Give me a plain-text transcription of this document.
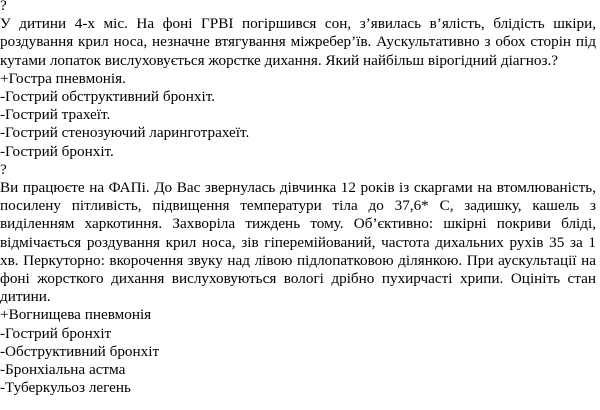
?

У дитини 4-х міс. На фоні ГРВІ погіршився сон, з’явилась в’ялість, блідість шкіри, роздування крил носа, незначне втягування міжребер’їв. Аускультативно з обох сторін під кутами лопаток вислуховується жорстке дихання. Який найбільш вірогідний діагноз.?

+Гостра пневмонія.

-Гострий обструктивний бронхіт.

-Гострий трахеїт.

-Гострий стенозуючий ларинготрахеїт.

-Гострий бронхіт.

?

Ви працюєте на ФАПі. До Вас звернулась дівчинка 12 років із скаргами на втомлюваність, посилену пітливість, підвищення температури тіла до 37,6* С, задишку, кашель з виділенням харкотиння. Захворіла тиждень тому. Об’єктивно: шкірні покриви бліді, відмічається роздування крил носа, зів гіперемійований, частота дихальних рухів 35 за 1 хв. Перкуторно: вкорочення звуку над лівою підлопатковою ділянкою. При аускультації на фоні жорсткого дихання вислуховуються вологі дрібно пухирчасті хрипи. Оцініть стан дитини.

+Вогнищева пневмонія

-Гострий бронхіт

-Обструктивний бронхіт

-Бронхіальна астма

-Туберкульоз легень
